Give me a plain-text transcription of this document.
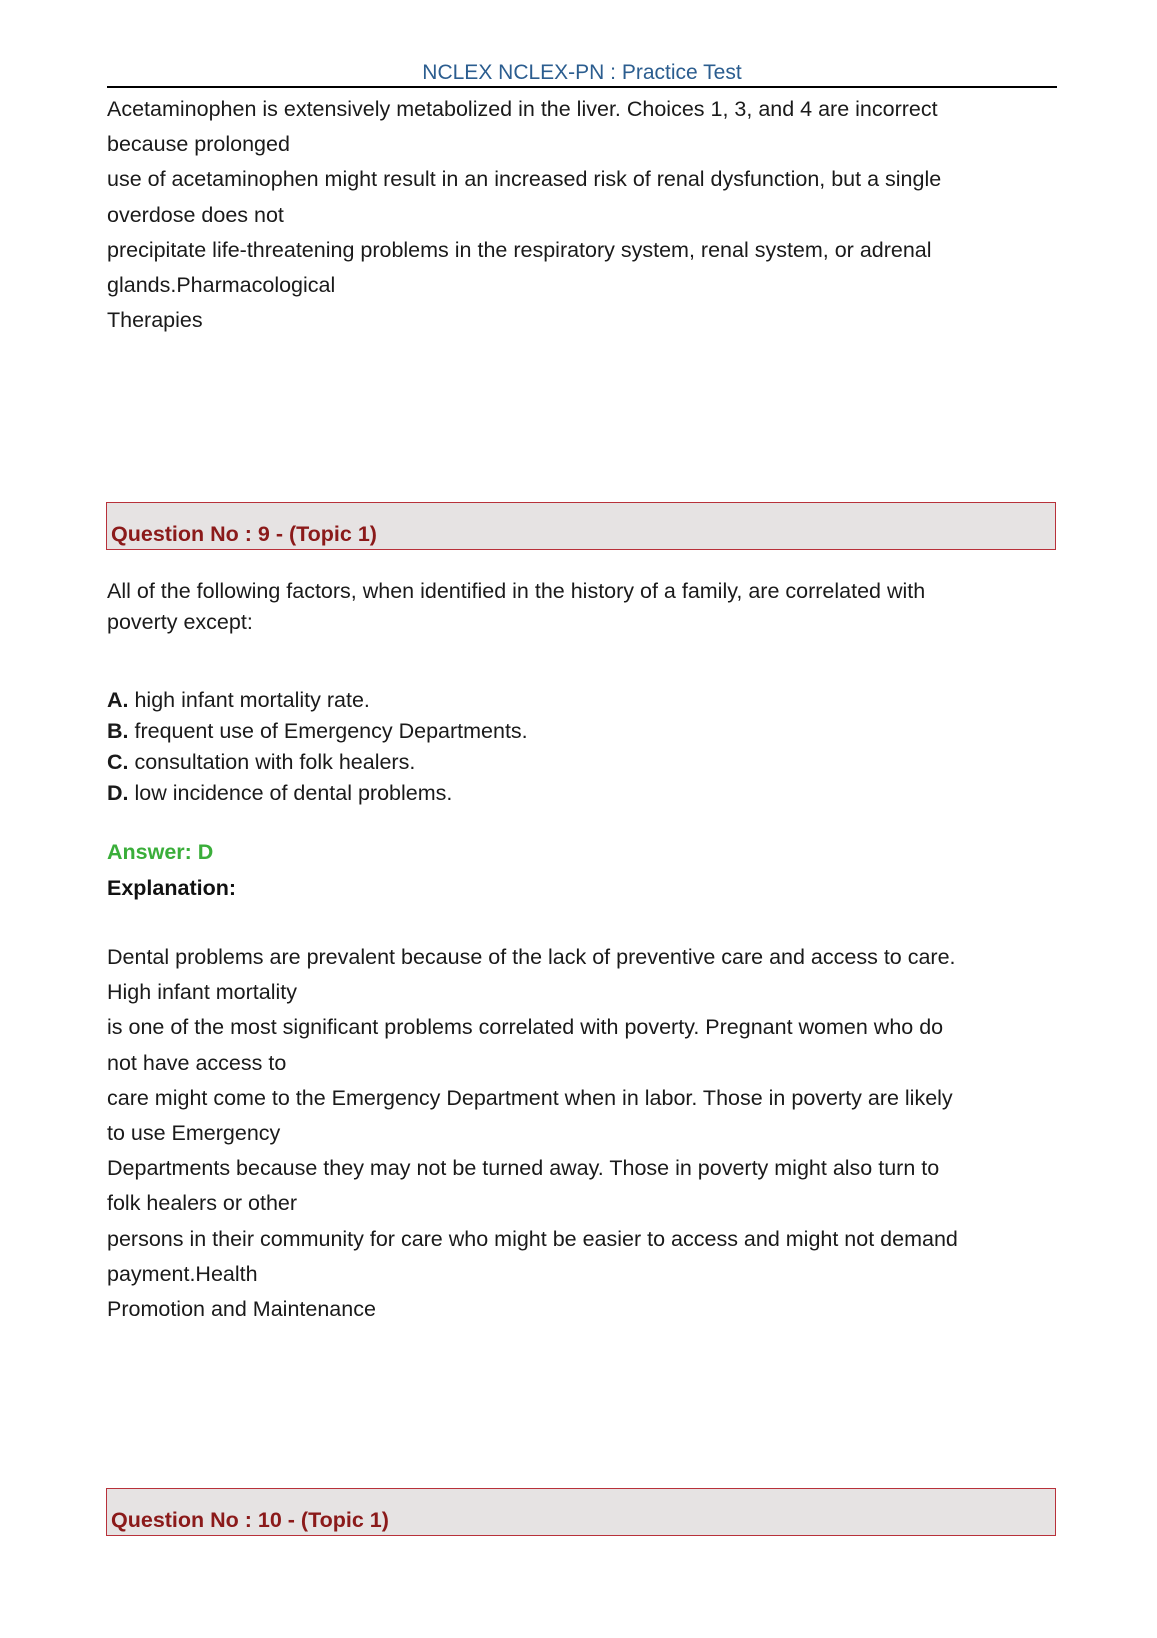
NCLEX NCLEX-PN : Practice Test
Acetaminophen is extensively metabolized in the liver. Choices 1, 3, and 4 are incorrect
because prolonged
use of acetaminophen might result in an increased risk of renal dysfunction, but a single
overdose does not
precipitate life-threatening problems in the respiratory system, renal system, or adrenal
glands.Pharmacological
Therapies
Question No : 9 - (Topic 1)
All of the following factors, when identified in the history of a family, are correlated with
poverty except:
A. high infant mortality rate.
B. frequent use of Emergency Departments.
C. consultation with folk healers.
D. low incidence of dental problems.
Answer: D
Explanation:
Dental problems are prevalent because of the lack of preventive care and access to care.
High infant mortality
is one of the most significant problems correlated with poverty. Pregnant women who do
not have access to
care might come to the Emergency Department when in labor. Those in poverty are likely
to use Emergency
Departments because they may not be turned away. Those in poverty might also turn to
folk healers or other
persons in their community for care who might be easier to access and might not demand
payment.Health
Promotion and Maintenance
Question No : 10 - (Topic 1)
